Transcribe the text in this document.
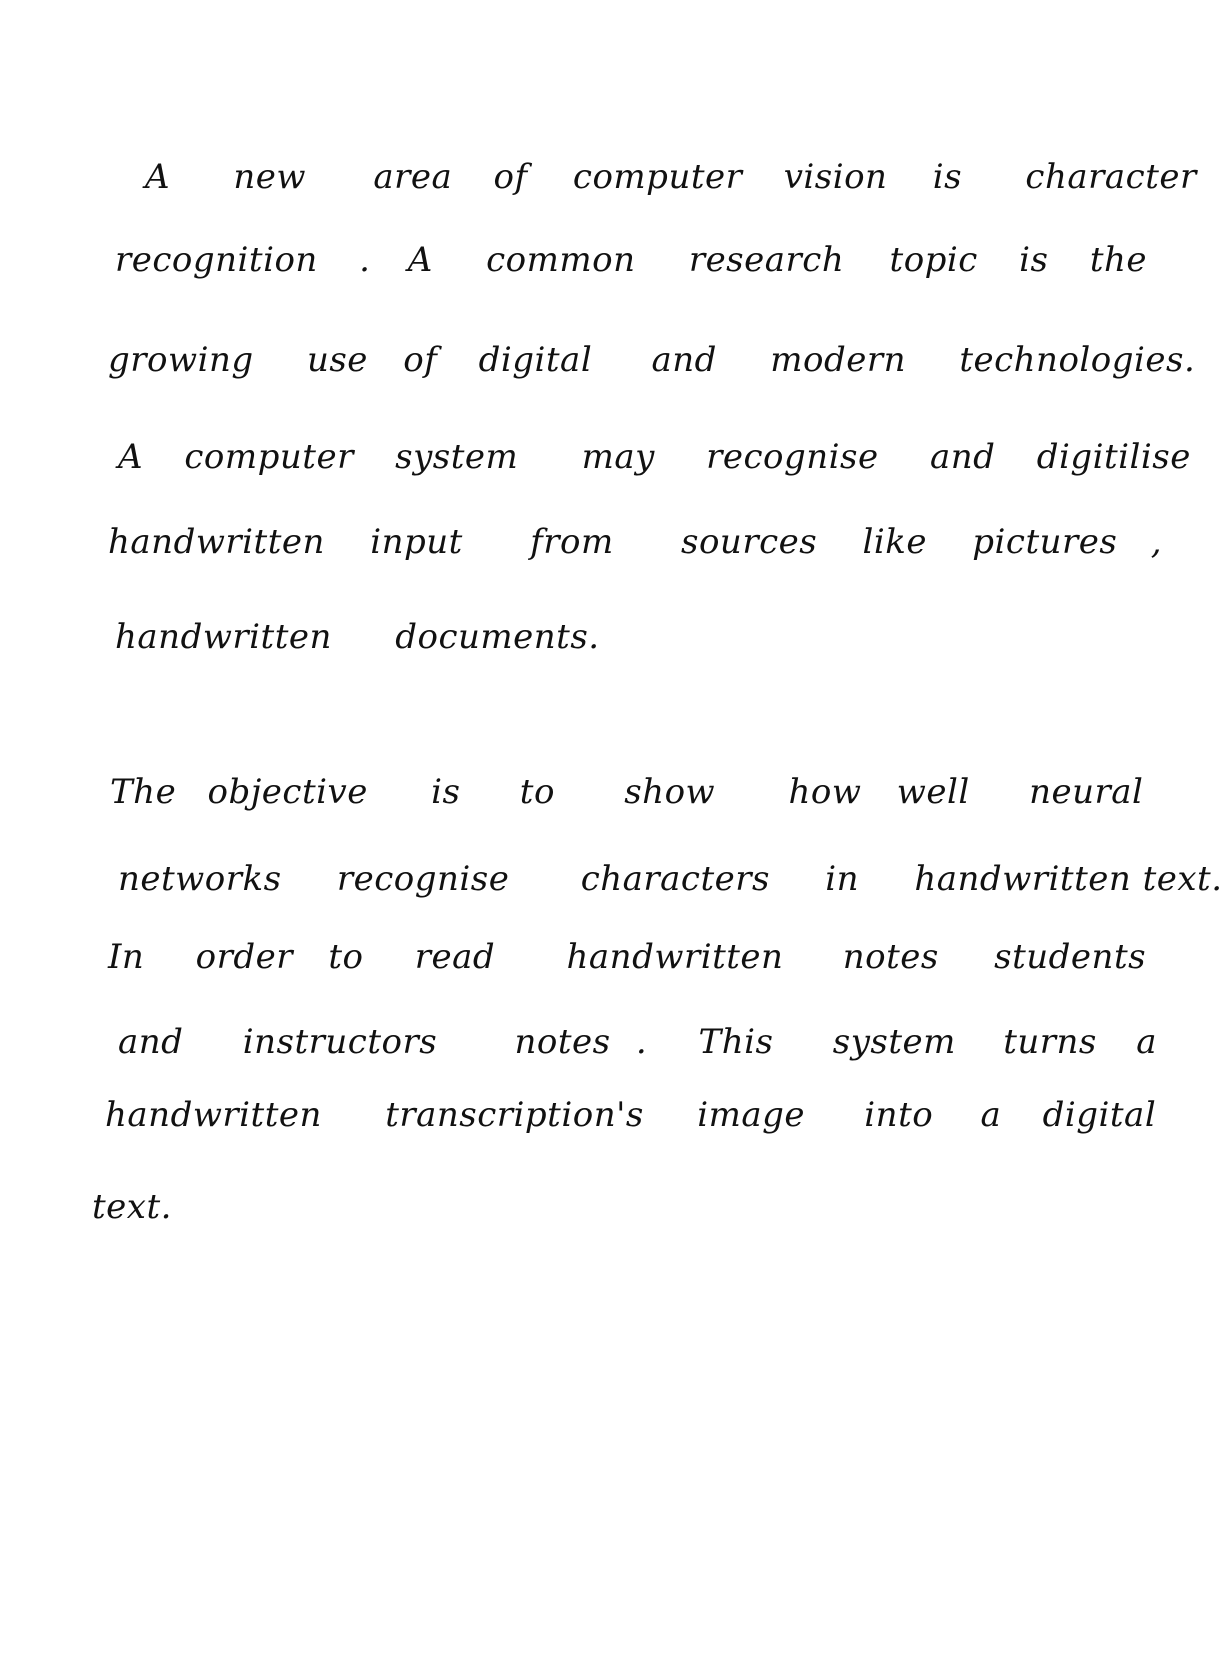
A new area of computer vision is character
recognition . A common research topic is the
growing use of digital and modern technologies.
A computer system may recognise and digitilise
handwritten input from sources like pictures ,
handwritten documents.
The objective is to show how well neural
networks recognise characters in handwritten text.
In order to read handwritten notes students
and instructors notes . This system turns a
handwritten transcription's image into a digital
text.
